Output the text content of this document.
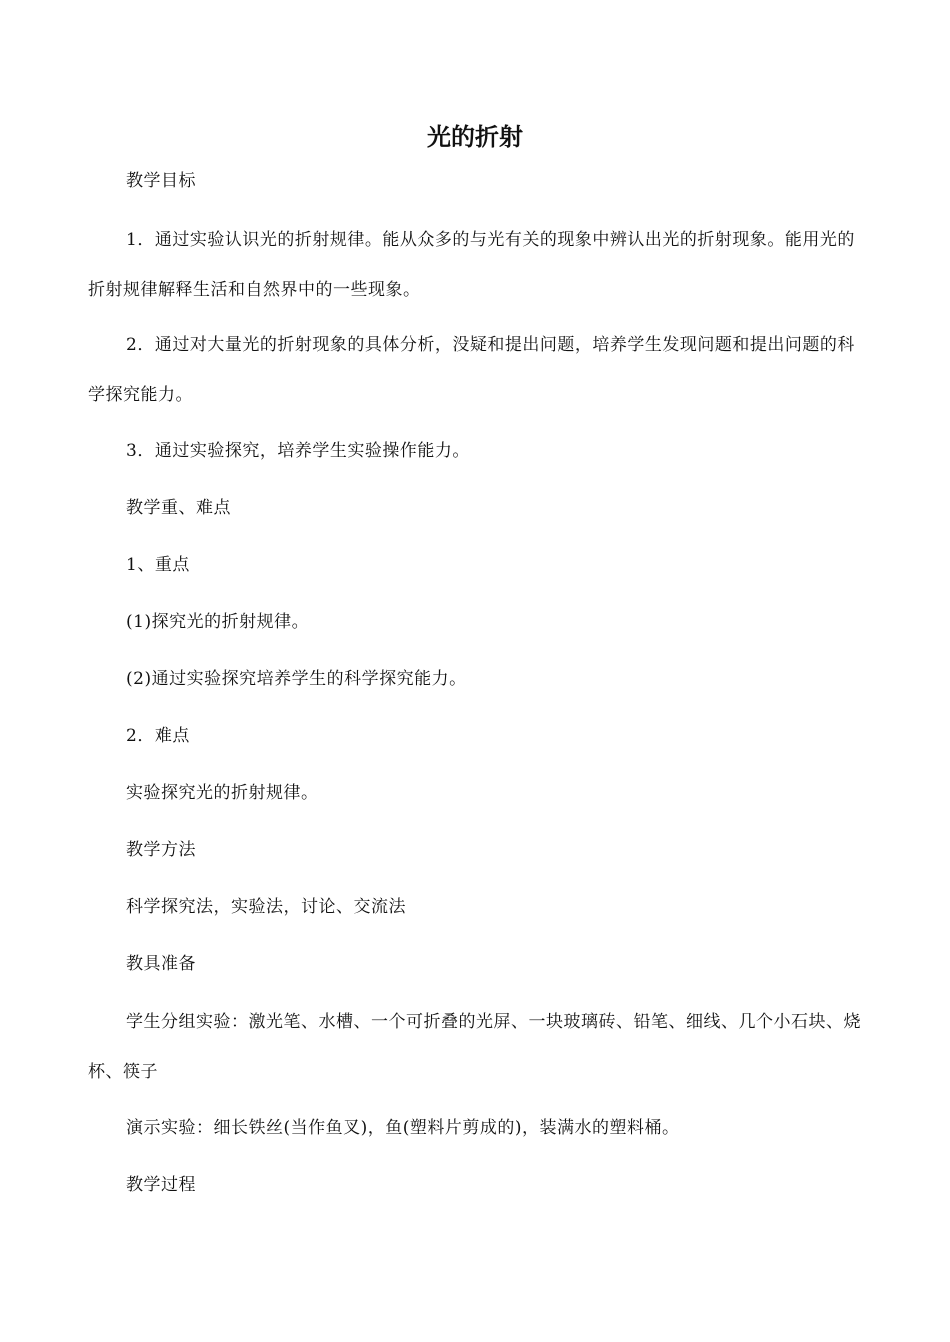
光的折射

教学目标

1．通过实验认识光的折射规律。能从众多的与光有关的现象中辨认出光的折射现象。能用光的折射规律解释生活和自然界中的一些现象。

2．通过对大量光的折射现象的具体分析，没疑和提出问题，培养学生发现问题和提出问题的科学探究能力。

3．通过实验探究，培养学生实验操作能力。

教学重、难点

1、重点

(1)探究光的折射规律。

(2)通过实验探究培养学生的科学探究能力。

2．难点

实验探究光的折射规律。

教学方法

科学探究法，实验法，讨论、交流法

教具准备

学生分组实验：激光笔、水槽、一个可折叠的光屏、一块玻璃砖、铅笔、细线、几个小石块、烧杯、筷子

演示实验：细长铁丝(当作鱼叉)，鱼(塑料片剪成的)，装满水的塑料桶。

教学过程
